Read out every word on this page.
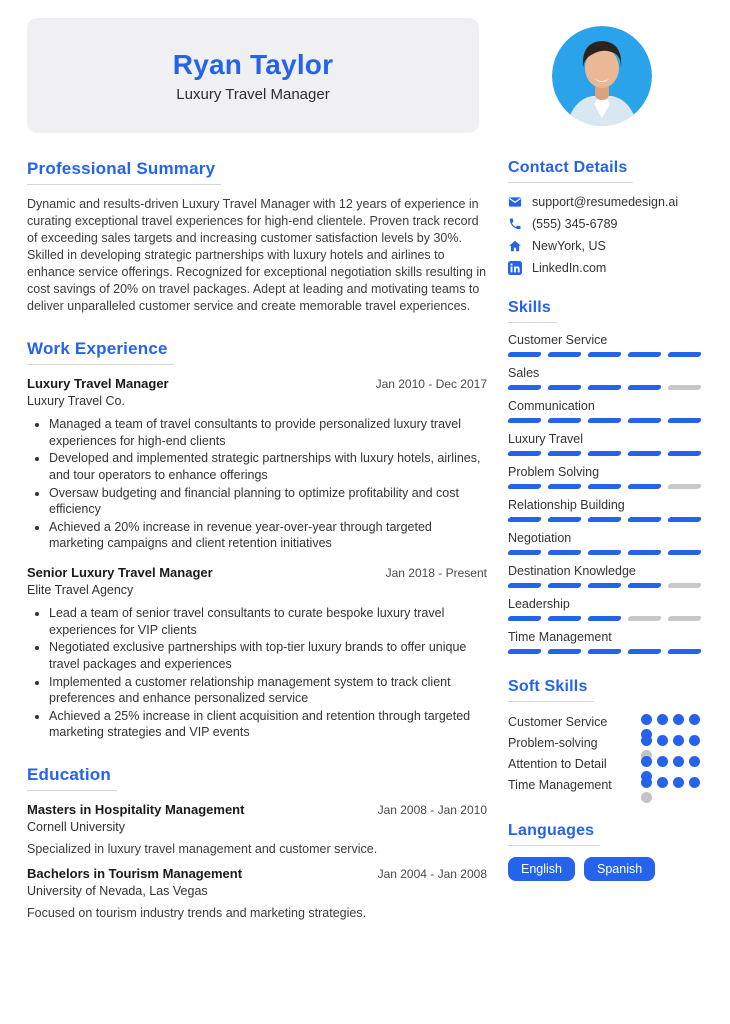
Ryan Taylor
Luxury Travel Manager
Professional Summary

Dynamic and results-driven Luxury Travel Manager with 12 years of experience in curating exceptional travel experiences for high-end clientele. Proven track record of exceeding sales targets and increasing customer satisfaction levels by 30%. Skilled in developing strategic partnerships with luxury hotels and airlines to enhance service offerings. Recognized for exceptional negotiation skills resulting in cost savings of 20% on travel packages. Adept at leading and motivating teams to deliver unparalleled customer service and create memorable travel experiences.

Work Experience
Luxury Travel Manager	Jan 2010 - Dec 2017
Luxury Travel Co.
• Managed a team of travel consultants to provide personalized luxury travel experiences for high-end clients
• Developed and implemented strategic partnerships with luxury hotels, airlines, and tour operators to enhance offerings
• Oversaw budgeting and financial planning to optimize profitability and cost efficiency
• Achieved a 20% increase in revenue year-over-year through targeted marketing campaigns and client retention initiatives
Senior Luxury Travel Manager	Jan 2018 - Present
Elite Travel Agency
• Lead a team of senior travel consultants to curate bespoke luxury travel experiences for VIP clients
• Negotiated exclusive partnerships with top-tier luxury brands to offer unique travel packages and experiences
• Implemented a customer relationship management system to track client preferences and enhance personalized service
• Achieved a 25% increase in client acquisition and retention through targeted marketing strategies and VIP events
Education
Masters in Hospitality Management	Jan 2008 - Jan 2010
Cornell University
Specialized in luxury travel management and customer service.
Bachelors in Tourism Management	Jan 2004 - Jan 2008
University of Nevada, Las Vegas
Focused on tourism industry trends and marketing strategies.
Contact Details
support@resumedesign.ai
(555) 345-6789
NewYork, US
LinkedIn.com
Skills
Customer Service
Sales
Communication
Luxury Travel
Problem Solving
Relationship Building
Negotiation
Destination Knowledge
Leadership
Time Management
Soft Skills
Customer Service
Problem-solving
Attention to Detail
Time Management
Languages
English	Spanish
